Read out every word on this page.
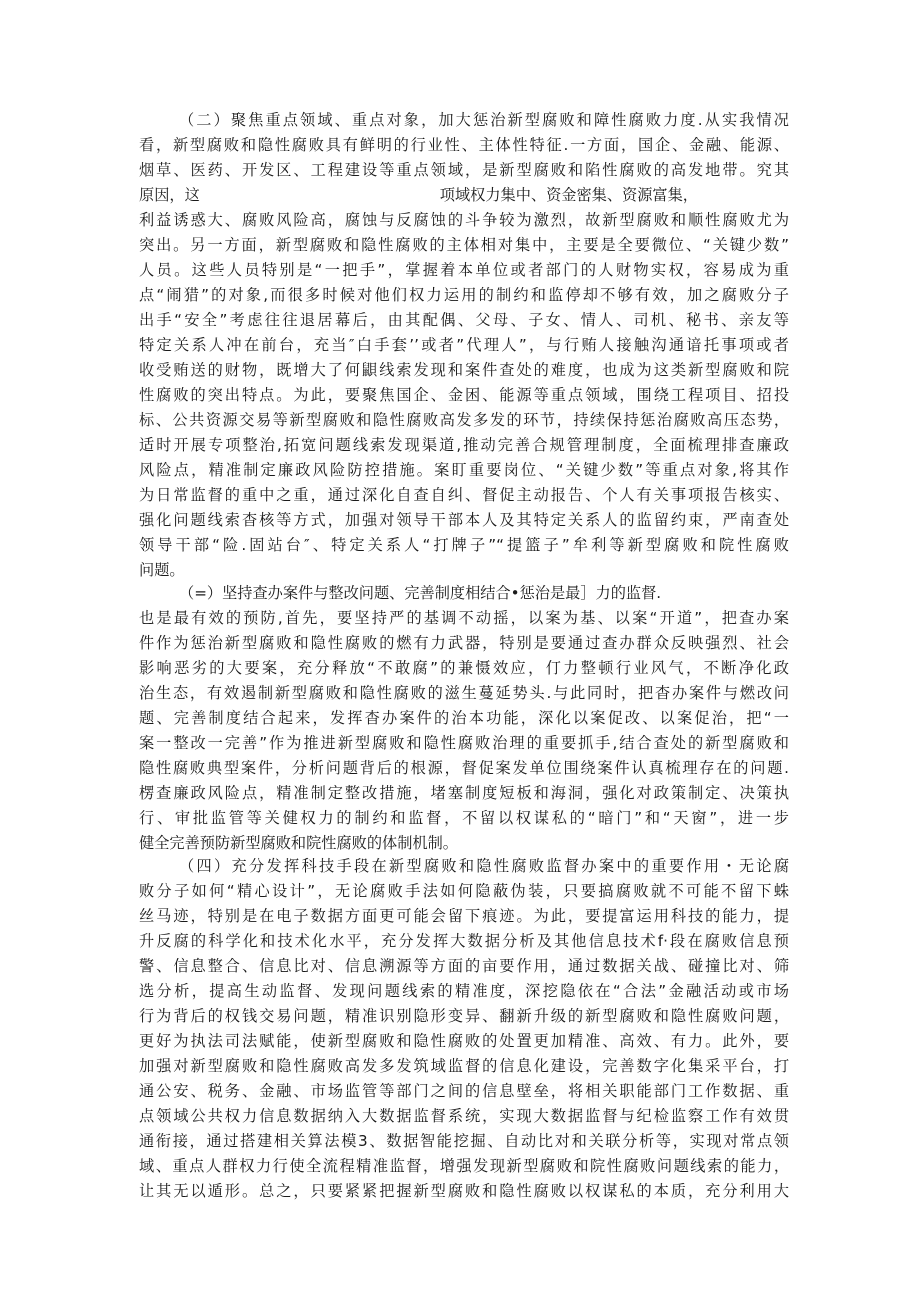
（二）聚焦重点领域、重点对象，加大惩治新型腐败和障性腐败力度.从实我情况
看，新型腐败和隐性腐败具有鲜明的行业性、主体性特征.一方面，国企、金融、能源、
烟草、医药、开发区、工程建设等重点领域，是新型腐败和陷性腐败的高发地带。究其
原因，这	项域权力集中、资金密集、资源富集，
利益诱惑大、腐败风险高，腐蚀与反腐蚀的斗争较为激烈，故新型腐败和顺性腐败尤为
突出。另一方面，新型腐败和隐性腐败的主体相对集中，主要是全要微位、“关键少数”
人员。这些人员特别是“一把手”，掌握着本单位或者部门的人财物实权，容易成为重
点“闹猎”的对象,而很多时候对他们权力运用的制约和监停却不够有效，加之腐败分子
出手“安全”考虑往往退居幕后，由其配偶、父母、子女、情人、司机、秘书、亲友等
特定关系人冲在前台，充当″白手套’’或者”代理人”，与行贿人接触沟通谙托事项或者
收受贿送的财物，既增大了何鼰线索发现和案件查处的难度，也成为这类新型腐败和院
性腐败的突出特点。为此，要聚焦国企、金困、能源等重点领域，围绕工程项目、招投
标、公共资源交易等新型腐败和隐性腐败高发多发的环节，持续保持惩治腐败高压态势，
适时开展专项整治,拓宽问题线索发现渠道,推动完善合规管理制度，全面梳理排查廉政
风险点，精准制定廉政风险防控措施。案盯重要岗位、“关键少数”等重点对象,将其作
为日常监督的重中之重，通过深化自查自纠、督促主动报告、个人有关事项报告核实、
强化问题线索杳核等方式，加强对领导干部本人及其特定关系人的监留约束，严南查处
领导干部“险.固站台″、特定关系人“打牌子”“提篮子”牟利等新型腐败和院性腐败
问题。
（=）坚持查办案件与整改问题、完善制度相结合•惩治是最］力的监督.
也是最有效的预防,首先，要坚持严的基调不动摇，以案为基、以案“开道”，把查办案
件作为惩治新型腐败和隐性腐败的燃有力武器，特别是要通过查办群众反映强烈、社会
影响恶劣的大要案，充分释放“不敢腐”的兼慑效应，仃力整顿行业风气，不断净化政
治生态，有效遏制新型腐败和隐性腐败的滋生蔓延势头.与此同时，把杳办案件与燃改问
题、完善制度结合起来，发挥杳办案件的治本功能，深化以案促改、以案促治，把“一
案一整改一完善”作为推进新型腐败和隐性腐败治理的重要抓手,结合查处的新型腐败和
隐性腐败典型案件，分析问题背后的根源，督促案发单位围绕案件认真梳理存在的问题.
楞查廉政风险点，精准制定整改措施，堵塞制度短板和海洞，强化对政策制定、决策执
行、审批监管等关健权力的制约和监督，不留以权谋私的“暗门”和“天窗”，进一步
健全完善预防新型腐败和院性腐败的体制机制。
（四）充分发挥科技手段在新型腐败和隐性腐败监督办案中的重要作用・无论腐
败分子如何“精心设计”，无论腐败手法如何隐蔽伪装，只要搞腐败就不可能不留下蛛
丝马迹，特别是在电子数据方面更可能会留下痕迹。为此，要提富运用科技的能力，提
升反腐的科学化和技术化水平，充分发挥大数据分析及其他信息技术f·段在腐败信息预
警、信息整合、信息比对、信息溯源等方面的亩要作用，通过数据关战、碰撞比对、筛
选分析，提高生动监督、发现问题线索的精准度，深挖隐依在“合法”金融活动或市场
行为背后的权钱交易问题，精准识别隐形变异、翻新升级的新型腐败和隐性腐败问题，
更好为执法司法赋能，使新型腐败和隐性腐败的处置更加精准、高效、有力。此外，要
加强对新型腐败和隐性腐败高发多发筑域监督的信息化建设，完善数字化集采平台，打
通公安、税务、金融、市场监管等部门之间的信息壁垒，将相关职能部门工作数据、重
点领域公共权力信息数据纳入大数据监督系统，实现大数据监督与纪检监察工作有效贯
通衔接，通过搭建相关算法模3、数据智能挖掘、自动比对和关联分析等，实现对常点领
域、重点人群权力行使全流程精准监督，增强发现新型腐败和院性腐败问题线索的能力，
让其无以遁形。总之，只要紧紧把握新型腐败和隐性腐败以权谋私的本质，充分利用大
